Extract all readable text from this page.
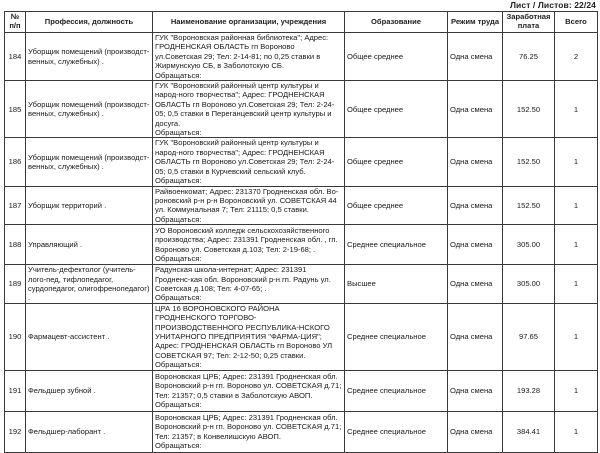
Лист / Листов: 22/24
№ п/п	Профессия, должность	Наименование организации, учреждения	Образование	Режим труда	Заработная плата	Всего
184	Уборщик помещений (производст-венных, служебных) .	ГУК "Вороновская районная библиотека"; Адрес: ГРОДНЕНСКАЯ ОБЛАСТЬ гп Вороново ул.Советская 29; Тел: 2-14-81; по 0,25 ставки в Жирмунскую СБ, в Заболотскую СБ.
Обращаться:	Общее среднее	Одна смена	76.25	2
185	Уборщик помещений (производст-венных, служебных) .	ГУК "Вороновский районный центр культуры и народ-ного творчества"; Адрес: ГРОДНЕНСКАЯ ОБЛАСТЬ гп Вороново ул.Советская 29; Тел: 2-24-05; 0,5 ставки в Переганцевский центр культуры и досуга.
Обращаться:	Общее среднее	Одна смена	152.50	1
186	Уборщик помещений (производст-венных, служебных) .	ГУК "Вороновский районный центр культуры и народ-ного творчества"; Адрес: ГРОДНЕНСКАЯ ОБЛАСТЬ гп Вороново ул.Советская 29; Тел: 2-24-05; 0,5 ставки в Курчевский сельский клуб.
Обращаться:	Общее среднее	Одна смена	152.50	1
187	Уборщик территорий .	Райвоенкомат; Адрес: 231370 Гродненская обл. Во-роновский р-н р-н Вороновский ул. СОВЕТСКАЯ 44 ул. Коммунальная 7; Тел: 21115; 0,5 ставки.
Обращаться:	Общее среднее	Одна смена	152.50	1
188	Управляющий .	УО Вороновский колледж сельскохозяйственного производства; Адрес: 231391 Гродненская обл. , гп. Вороново ул. Советская д.103; Тел: 2-19-68; .
Обращаться:	Среднее специальное	Одна смена	305.00	1
189	Учитель-дефектолог (учитель-лого-пед, тифлопедагог, сурдопедагог, олигофренопедагог) .	Радунская школа-интернат; Адрес: 231391 Гродненс-кая обл. Вороновский р-н гп. Радунь ул. Советская д.108; Тел: 4-07-65; .
Обращаться:	Высшее	Одна смена	305.00	1
190	Фармацевт-ассистент .	ЦРА 16 ВОРОНОВСКОГО РАЙОНА ГРОДНЕНСКОГО ТОРГОВО-ПРОИЗВОДСТВЕННОГО РЕСПУБЛИКА-НСКОГО УНИТАРНОГО ПРЕДПРИЯТИЯ "ФАРМА-ЦИЯ"; Адрес: ГРОДНЕНСКАЯ ОБЛАСТЬ гп Вороново УЛ СОВЕТСКАЯ 97; Тел: 2-12-50; 0,25 ставки.
Обращаться:	Среднее специальное	Одна смена	97.65	1
191	Фельдшер зубной .	Вороновская ЦРБ; Адрес: 231391 Гродненская обл. Вороновский р-н гп. Вороново ул. СОВЕТСКАЯ д.71; Тел: 21357; 0,5 ставки в Заболотскую АВОП.
Обращаться:	Среднее специальное	Одна смена	193.28	1
192	Фельдшер-лаборант .	Вороновская ЦРБ; Адрес: 231391 Гродненская обл. Вороновский р-н гп. Вороново ул. СОВЕТСКАЯ д.71; Тел: 21357; в Конвелишскую АВОП.
Обращаться:	Среднее специальное	Одна смена	384.41	1
